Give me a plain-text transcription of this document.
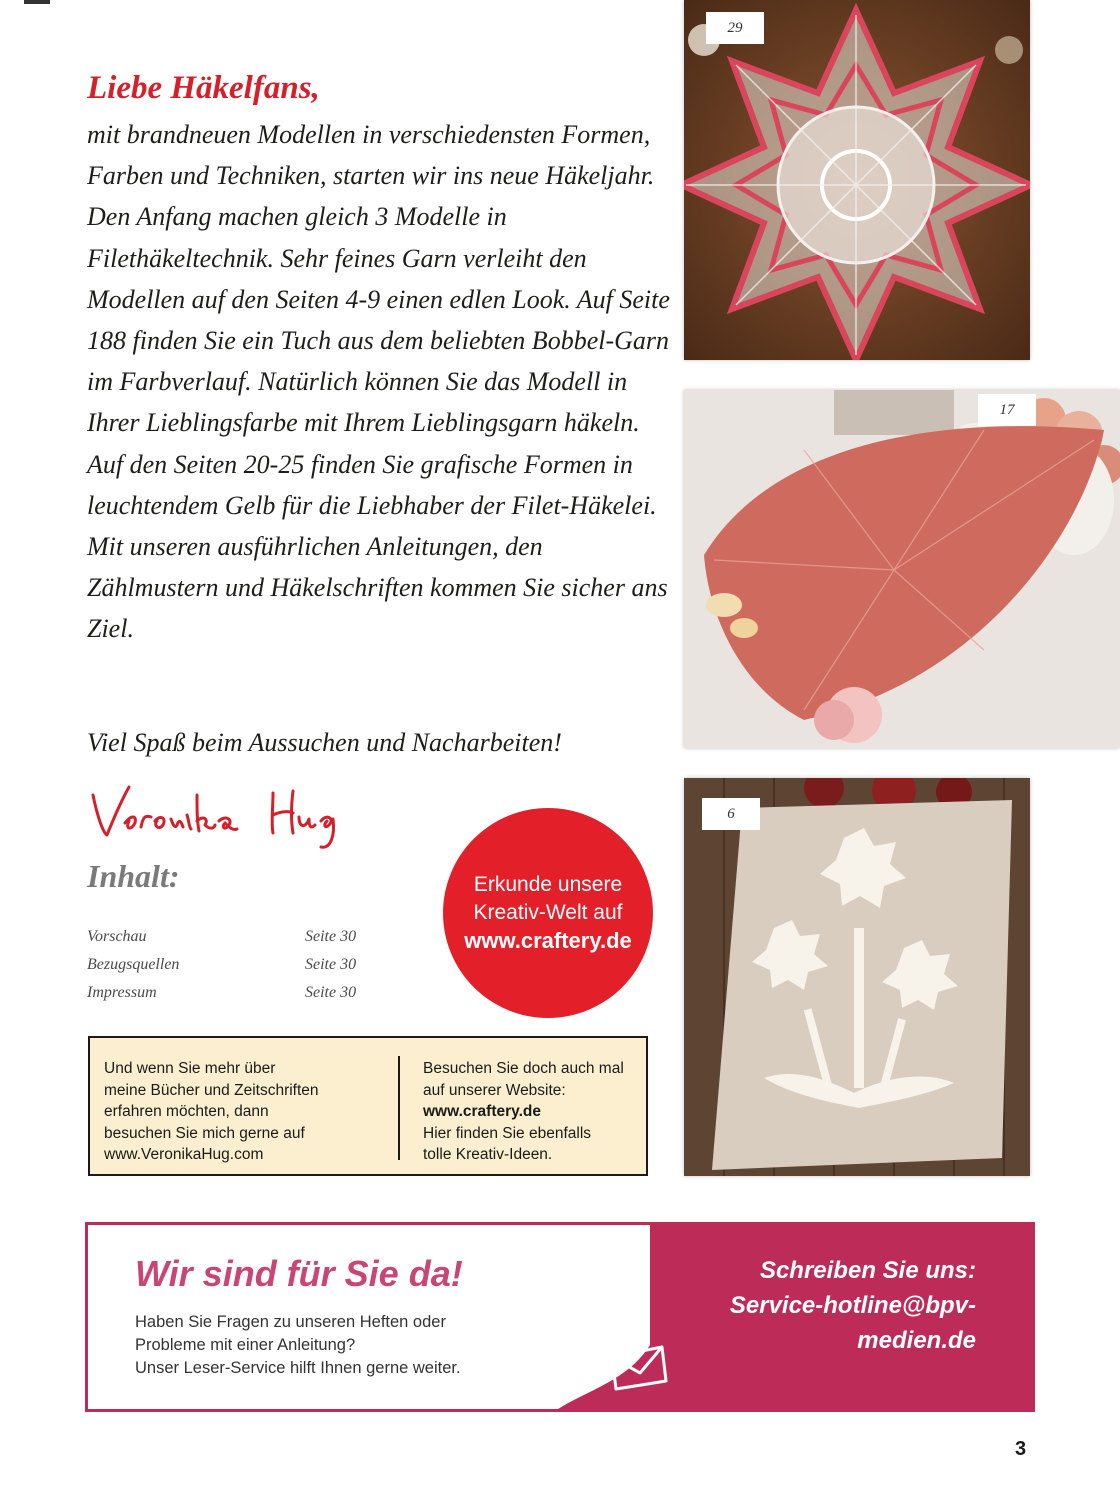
Liebe Häkelfans,

mit brandneuen Modellen in verschiedensten Formen, Farben und Techniken, starten wir ins neue Häkeljahr. Den Anfang machen gleich 3 Modelle in Filethäkeltechnik. Sehr feines Garn verleiht den Modellen auf den Seiten 4-9 einen edlen Look. Auf Seite 188 finden Sie ein Tuch aus dem beliebten Bobbel-Garn im Farbverlauf. Natürlich können Sie das Modell in Ihrer Lieblingsfarbe mit Ihrem Lieblingsgarn häkeln. Auf den Seiten 20-25 finden Sie grafische Formen in leuchtendem Gelb für die Liebhaber der Filet-Häkelei. Mit unseren ausführlichen Anleitungen, den Zählmustern und Häkelschriften kommen Sie sicher ans Ziel.

Viel Spaß beim Aussuchen und Nacharbeiten!

Inhalt:
Vorschau	Seite 30
Bezugsquellen	Seite 30
Impressum	Seite 30
Erkunde unsere
Kreativ-Welt auf
www.craftery.de
Und wenn Sie mehr über
meine Bücher und Zeitschriften
erfahren möchten, dann
besuchen Sie mich gerne auf
www.VeronikaHug.com
Besuchen Sie doch auch mal
auf unserer Website:
www.craftery.de
Hier finden Sie ebenfalls
tolle Kreativ-Ideen.
29
17
6
Wir sind für Sie da!
Haben Sie Fragen zu unseren Heften oder
Probleme mit einer Anleitung?
Unser Leser-Service hilft Ihnen gerne weiter.
Schreiben Sie uns:
Service-hotline@bpv-
medien.de
3
